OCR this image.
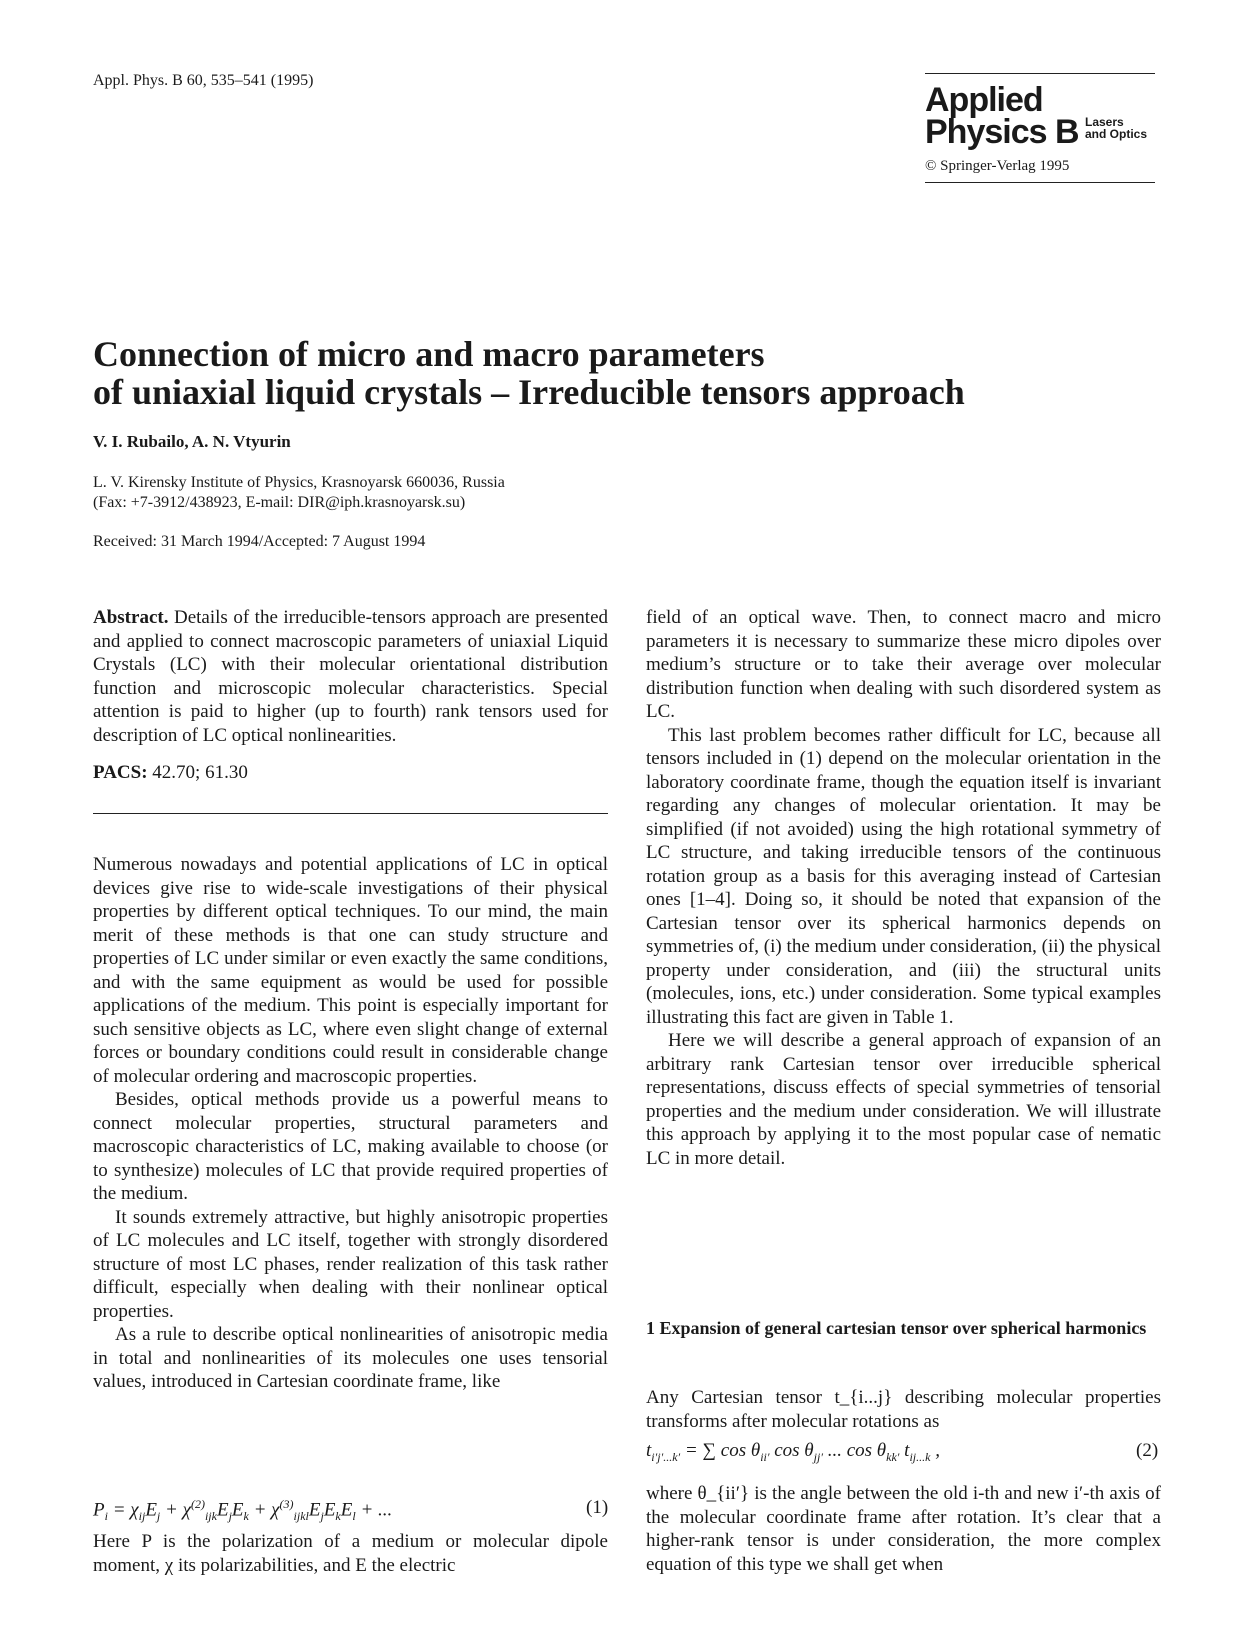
Appl. Phys. B 60, 535–541 (1995)
Applied
Physics B Lasers
and Optics
© Springer-Verlag 1995
Connection of micro and macro parameters
of uniaxial liquid crystals – Irreducible tensors approach
V. I. Rubailo, A. N. Vtyurin
L. V. Kirensky Institute of Physics, Krasnoyarsk 660036, Russia
(Fax: +7-3912/438923, E-mail: DIR@iph.krasnoyarsk.su)
Received: 31 March 1994/Accepted: 7 August 1994

Abstract. Details of the irreducible-tensors approach are presented and applied to connect macroscopic parameters of uniaxial Liquid Crystals (LC) with their molecular orientational distribution function and microscopic molecular characteristics. Special attention is paid to higher (up to fourth) rank tensors used for description of LC optical nonlinearities.

PACS: 42.70; 61.30

Numerous nowadays and potential applications of LC in optical devices give rise to wide-scale investigations of their physical properties by different optical techniques. To our mind, the main merit of these methods is that one can study structure and properties of LC under similar or even exactly the same conditions, and with the same equipment as would be used for possible applications of the medium. This point is especially important for such sensitive objects as LC, where even slight change of external forces or boundary conditions could result in considerable change of molecular ordering and macroscopic properties.

Besides, optical methods provide us a powerful means to connect molecular properties, structural parameters and macroscopic characteristics of LC, making available to choose (or to synthesize) molecules of LC that provide required properties of the medium.

It sounds extremely attractive, but highly anisotropic properties of LC molecules and LC itself, together with strongly disordered structure of most LC phases, render realization of this task rather difficult, especially when dealing with their nonlinear optical properties.

As a rule to describe optical nonlinearities of anisotropic media in total and nonlinearities of its molecules one uses tensorial values, introduced in Cartesian coordinate frame, like

$P_i = \chi_{ij}E_j + \chi^{(2)}_{ijk}E_jE_k + \chi^{(3)}_{ijkl}E_jE_kE_l$ + ...	(1)

Here P is the polarization of a medium or molecular dipole moment, χ its polarizabilities, and E the electric

field of an optical wave. Then, to connect macro and micro parameters it is necessary to summarize these micro dipoles over medium’s structure or to take their average over molecular distribution function when dealing with such disordered system as LC.

This last problem becomes rather difficult for LC, because all tensors included in (1) depend on the molecular orientation in the laboratory coordinate frame, though the equation itself is invariant regarding any changes of molecular orientation. It may be simplified (if not avoided) using the high rotational symmetry of LC structure, and taking irreducible tensors of the continuous rotation group as a basis for this averaging instead of Cartesian ones [1–4]. Doing so, it should be noted that expansion of the Cartesian tensor over its spherical harmonics depends on symmetries of, (i) the medium under consideration, (ii) the physical property under consideration, and (iii) the structural units (molecules, ions, etc.) under consideration. Some typical examples illustrating this fact are given in Table 1.

Here we will describe a general approach of expansion of an arbitrary rank Cartesian tensor over irreducible spherical representations, discuss effects of special symmetries of tensorial properties and the medium under consideration. We will illustrate this approach by applying it to the most popular case of nematic LC in more detail.

1 Expansion of general cartesian tensor over spherical harmonics

Any Cartesian tensor t_{i...j} describing molecular properties transforms after molecular rotations as

$t_{i'j'...k'}$ = ∑ $\cos \theta_{ii'}$ $\cos \theta_{jj'}$ ... $\cos \theta_{kk'}$ $t_{ij...k}$ ,	(2)

where θ_{ii′} is the angle between the old i-th and new i′-th axis of the molecular coordinate frame after rotation. It’s clear that a higher-rank tensor is under consideration, the more complex equation of this type we shall get when
